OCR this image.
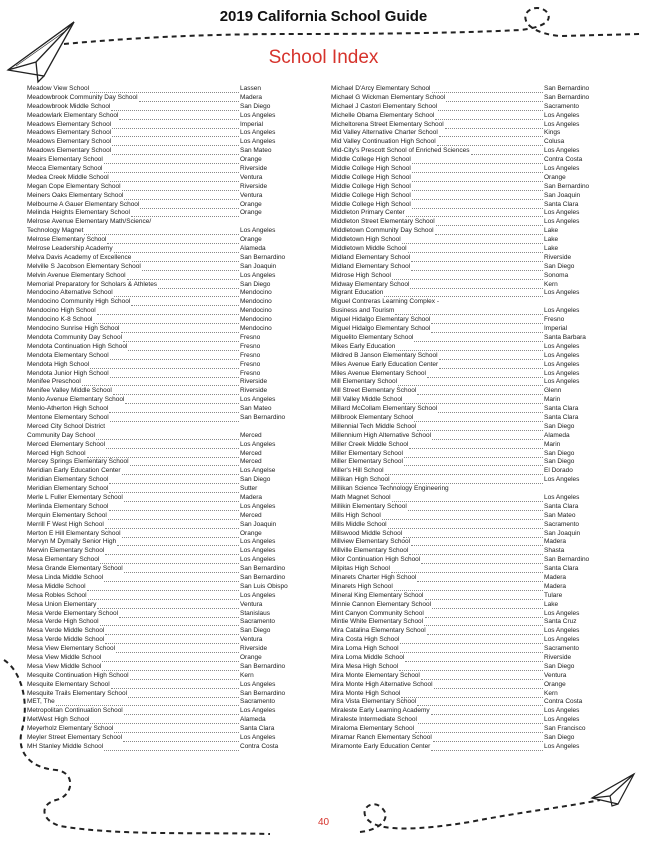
2019 California School Guide
School Index
Meadow View School	Lassen
Meadowbrook Community Day School	Madera
Meadowbrook Middle School	San Diego
Meadowlark Elementary School	Los Angeles
Meadows Elementary School	Imperial
Meadows Elementary School	Los Angeles
Meadows Elementary School	Los Angeles
Meadows Elementary School	San Mateo
Meairs Elementary School	Orange
Mecca Elementary School	Riverside
Medea Creek Middle School	Ventura
Megan Cope Elementary School	Riverside
Meiners Oaks Elementary School	Ventura
Melbourne A Gauer Elementary School	Orange
Melinda Heights Elementary School	Orange
Melrose Avenue Elementary Math/Science/
Technology Magnet	Los Angeles
Melrose Elementary School	Orange
Melrose Leadership Academy	Alameda
Melva Davis Academy of Excellence	San Bernardino
Melville S Jacobson Elementary School	San Joaquin
Melvin Avenue Elementary School	Los Angeles
Memorial Preparatory for Scholars & Athletes	San Diego
Mendocino Alternative School	Mendocino
Mendocino Community High School	Mendocino
Mendocino High School	Mendocino
Mendocino K-8 School	Mendocino
Mendocino Sunrise High School	Mendocino
Mendota Community Day School	Fresno
Mendota Continuation High School	Fresno
Mendota Elementary School	Fresno
Mendota High School	Fresno
Mendota Junior High School	Fresno
Menifee Preschool	Riverside
Menifee Valley Middle School	Riverside
Menlo Avenue Elementary School	Los Angeles
Menlo-Atherton High School	San Mateo
Mentone Elementary School	San Bernardino
Merced City School District
Community Day School	Merced
Merced Elementary School	Los Angeles
Merced High School	Merced
Mercey Springs Elementary School	Merced
Meridian Early Education Center	Los Angelse
Meridian Elementary School	San Diego
Meridian Elementary School	Sutter
Merle L Fuller Elementary School	Madera
Merlinda Elementary School	Los Angeles
Merquin Elementary School	Merced
Merrill F West High School	San Joaquin
Merton E Hill Elementary School	Orange
Mervyn M Dymally Senior High	Los Angeles
Merwin Elementary School	Los Angeles
Mesa Elementary School	Los Angeles
Mesa Grande Elementary School	San Bernardino
Mesa Linda Middle School	San Bernardino
Mesa Middle School	San Luis Obispo
Mesa Robles School	Los Angeles
Mesa Union Elementary	Ventura
Mesa Verde Elementary School	Stanislaus
Mesa Verde High School	Sacramento
Mesa Verde Middle School	San Diego
Mesa Verde Middle School	Ventura
Mesa View Elementary School	Riverside
Mesa View Middle School	Orange
Mesa View Middle School	San Bernardino
Mesquite Continuation High School	Kern
Mesquite Elementary School	Los Angeles
Mesquite Trails Elementary School	San Bernardino
MET, The	Sacramento
Metropolitan Continuation School	Los Angeles
MetWest High School	Alameda
Meyerholz Elementary School	Santa Clara
Meyler Street Elementary School	Los Angeles
MH Stanley Middle School	Contra Costa
Michael D'Arcy Elementary School	San Bernardino
Michael G Wickman Elementary School	San Bernardino
Michael J Castori Elementary School	Sacramento
Michelle Obama Elementary School	Los Angeles
Micheltorena Street Elementary School	Los Angeles
Mid Valley Alternative Charter School	Kings
Mid Valley Continuation High School	Colusa
Mid-City's Prescott School of Enriched Sciences	Los Angeles
Middle College High School	Contra Costa
Middle College High School	Los Angeles
Middle College High School	Orange
Middle College High School	San Bernardino
Middle College High School	San Joaquin
Middle College High School	Santa Clara
Middleton Primary Center	Los Angeles
Middleton Street Elementary School	Los Angeles
Middletown Community Day School	Lake
Middletown High School	Lake
Middletown Middle School	Lake
Midland Elementary School	Riverside
Midland Elementary School	San Diego
Midrose High School	Sonoma
Midway Elementary School	Kern
Migrant Education	Los Angeles
Miguel Contreras Learning Complex -
Business and Tourism	Los Angeles
Miguel Hidalgo Elementary School	Fresno
Miguel Hidalgo Elementary School	Imperial
Miguelito Elementary School	Santa Barbara
Mikes Early Education	Los Angeles
Mildred B Janson Elementary School	Los Angeles
Miles Avenue Early Education Center	Los Angeles
Miles Avenue Elementary School	Los Angeles
Mill Elementary School	Los Angeles
Mill Street Elementary School	Glenn
Mill Valley Middle School	Marin
Millard McCollam Elementary School	Santa Clara
Millbrook Elementary School	Santa Clara
Millennial Tech Middle School	San Diego
Millennium High Alternative School	Alameda
Miller Creek Middle School	Marin
Miller Elementary School	San Diego
Miller Elementary School	San Diego
Miller's Hill School	El Dorado
Millikan High School	Los Angeles
Millikan Science Technology Engineering
Math Magnet School	Los Angeles
Millikin Elementary School	Santa Clara
Mills High School	San Mateo
Mills Middle School	Sacramento
Millswood Middle School	San Joaquin
Millview Elementary School	Madera
Millville Elementary School	Shasta
Milor Continuation High School	San Bernardino
Milpitas High School	Santa Clara
Minarets Charter High School	Madera
Minarets High School	Madera
Mineral King Elementary School	Tulare
Minnie Cannon Elementary School	Lake
Mint Canyon Community School	Los Angeles
Mintie White Elementary School	Santa Cruz
Mira Catalina Elementary School	Los Angeles
Mira Costa High School	Los Angeles
Mira Loma High School	Sacramento
Mira Loma Middle School	Riverside
Mira Mesa High School	San Diego
Mira Monte Elementary School	Ventura
Mira Monte High Alternative School	Orange
Mira Monte High School	Kern
Mira Vista Elementary School	Contra Costa
Miraleste Early Learning Academy	Los Angeles
Miraleste Intermediate School	Los Angeles
Miraloma Elementary School	San Francisco
Miramar Ranch Elementary School	San Diego
Miramonte Early Education Center	Los Angeles
40
